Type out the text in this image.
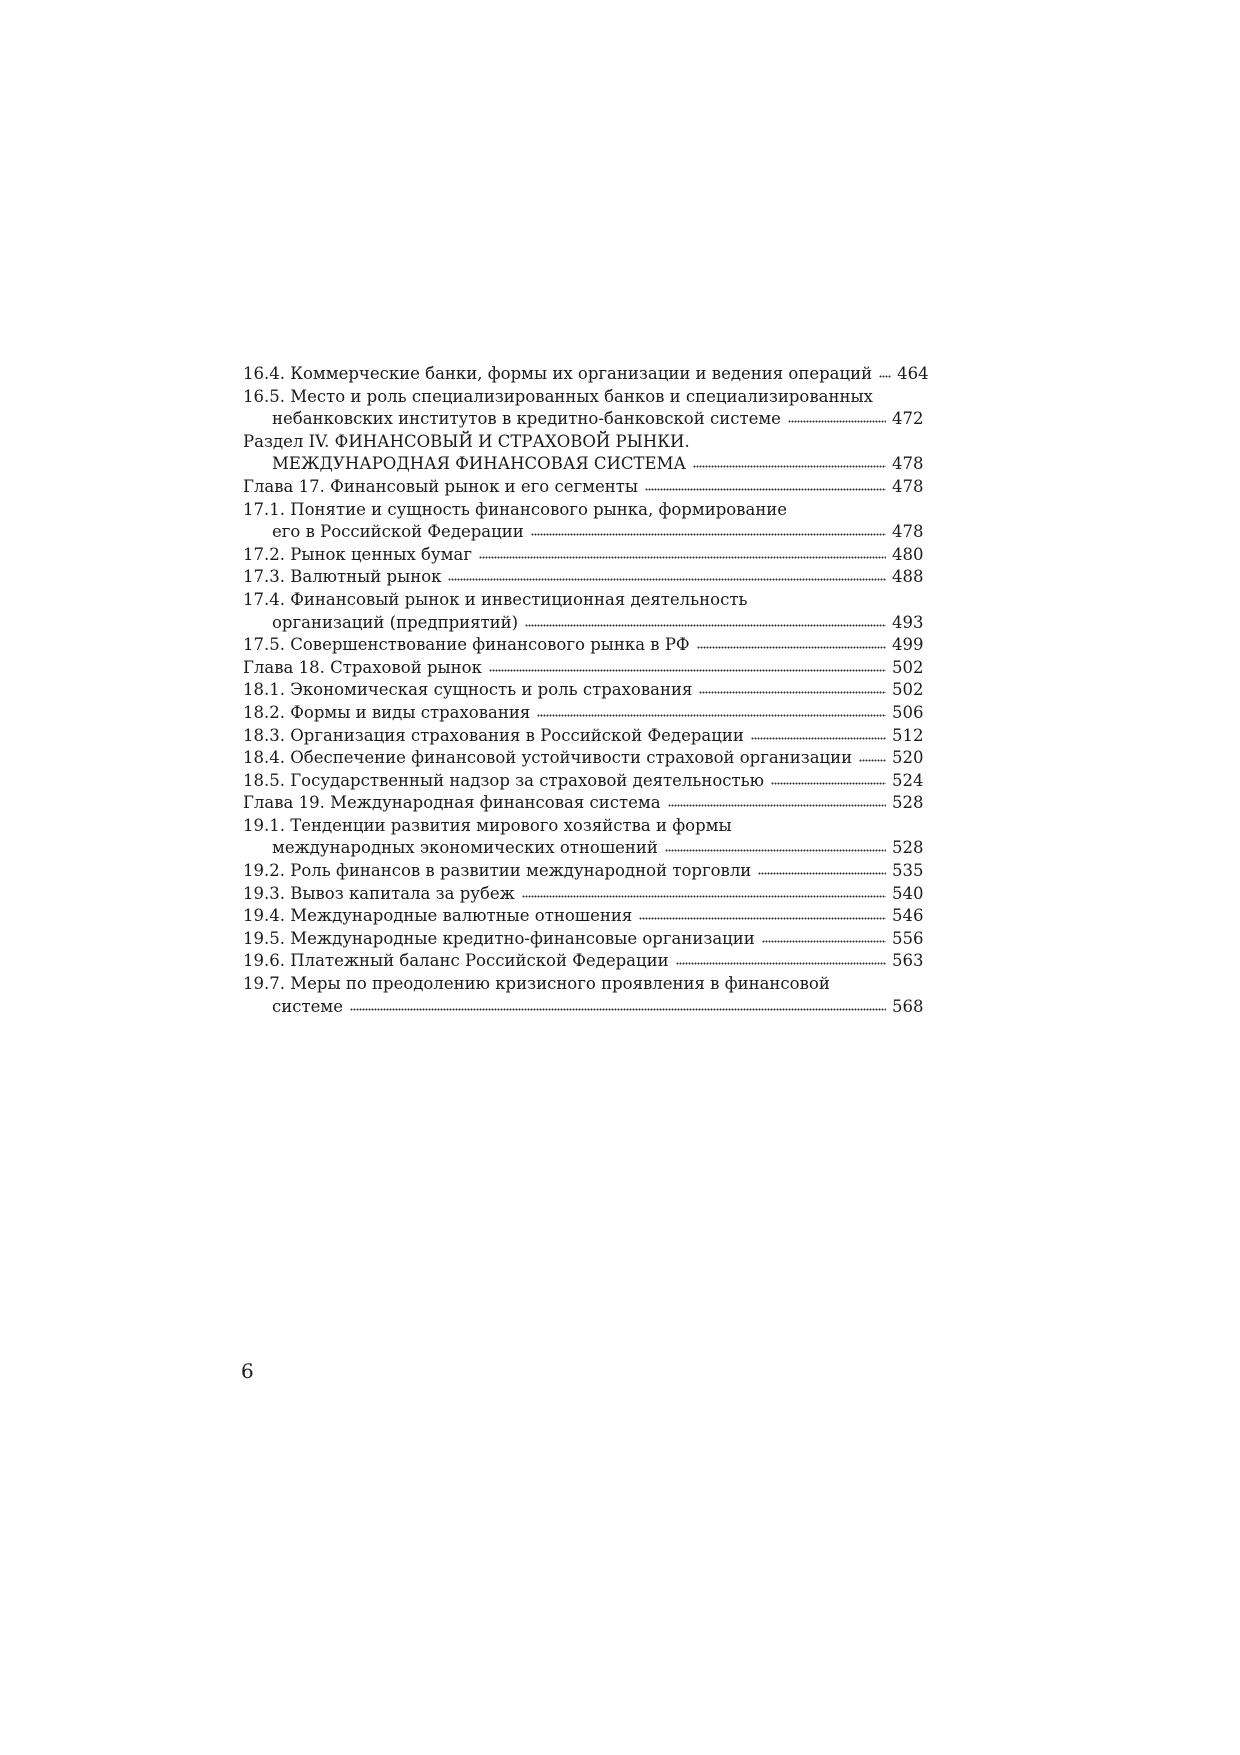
16.4. Коммерческие банки, формы их организации и ведения операций 464
16.5. Место и роль специализированных банков и специализированных
небанковских институтов в кредитно-банковской системе	472
Раздел IV. ФИНАНСОВЫЙ И СТРАХОВОЙ РЫНКИ.
МЕЖДУНАРОДНАЯ ФИНАНСОВАЯ СИСТЕМА	478
Глава 17. Финансовый рынок и его сегменты	478
17.1. Понятие и сущность финансового рынка, формирование
его в Российской Федерации	478
17.2. Рынок ценных бумаг	480
17.3. Валютный рынок	488
17.4. Финансовый рынок и инвестиционная деятельность
организаций (предприятий)	493
17.5. Совершенствование финансового рынка в РФ	499
Глава 18. Страховой рынок	502
18.1. Экономическая сущность и роль страхования	502
18.2. Формы и виды страхования	506
18.3. Организация страхования в Российской Федерации	512
18.4. Обеспечение финансовой устойчивости страховой организации 520
18.5. Государственный надзор за страховой деятельностью	524
Глава 19. Международная финансовая система	528
19.1. Тенденции развития мирового хозяйства и формы
международных экономических отношений	528
19.2. Роль финансов в развитии международной торговли	535
19.3. Вывоз капитала за рубеж	540
19.4. Международные валютные отношения	546
19.5. Международные кредитно-финансовые организации	556
19.6. Платежный баланс Российской Федерации	563
19.7. Меры по преодолению кризисного проявления в финансовой
системе	568
6
